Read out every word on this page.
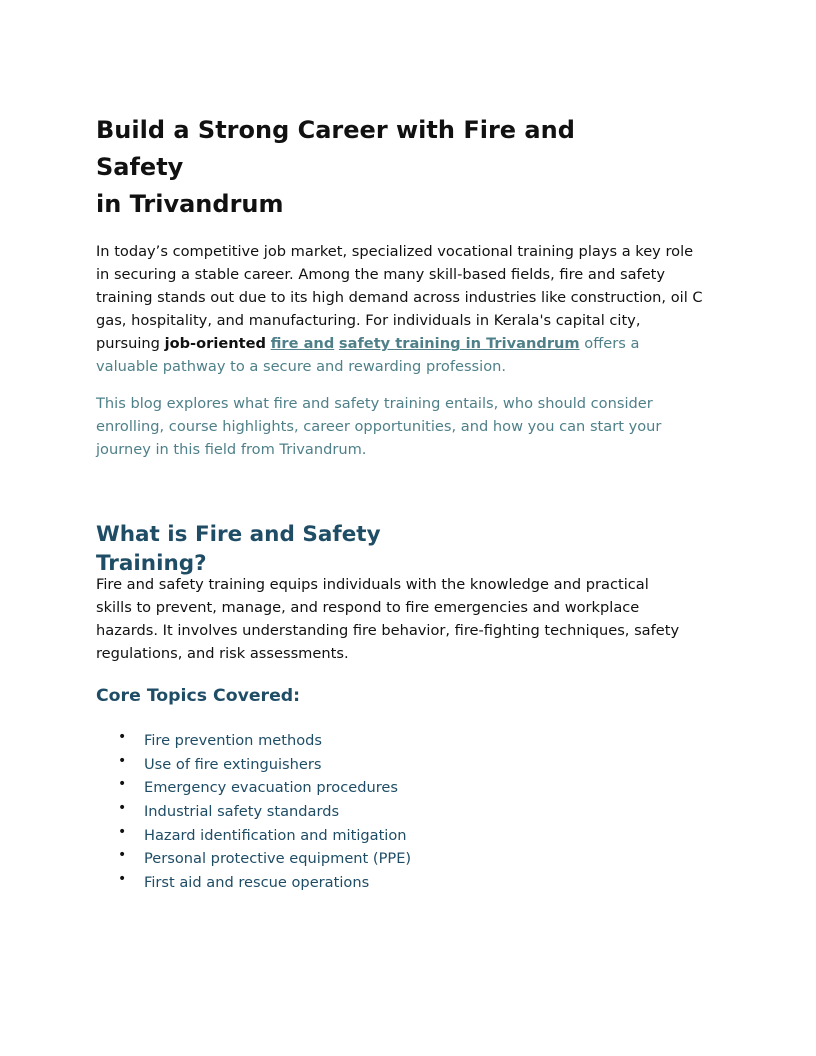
Build a Strong Career with Fire and Safety
in Trivandrum

In today’s competitive job market, specialized vocational training plays a key role in securing a stable career. Among the many skill-based fields, fire and safety training stands out due to its high demand across industries like construction, oil C gas, hospitality, and manufacturing. For individuals in Kerala's capital city, pursuing job-oriented fire and safety training in Trivandrum offers a valuable pathway to a secure and rewarding profession.

This blog explores what fire and safety training entails, who should consider enrolling, course highlights, career opportunities, and how you can start your journey in this field from Trivandrum.

What is Fire and Safety
Training?

Fire and safety training equips individuals with the knowledge and practical skills to prevent, manage, and respond to fire emergencies and workplace hazards. It involves understanding fire behavior, fire-fighting techniques, safety regulations, and risk assessments.

Core Topics Covered:
• Fire prevention methods
• Use of fire extinguishers
• Emergency evacuation procedures
• Industrial safety standards
• Hazard identification and mitigation
• Personal protective equipment (PPE)
• First aid and rescue operations
